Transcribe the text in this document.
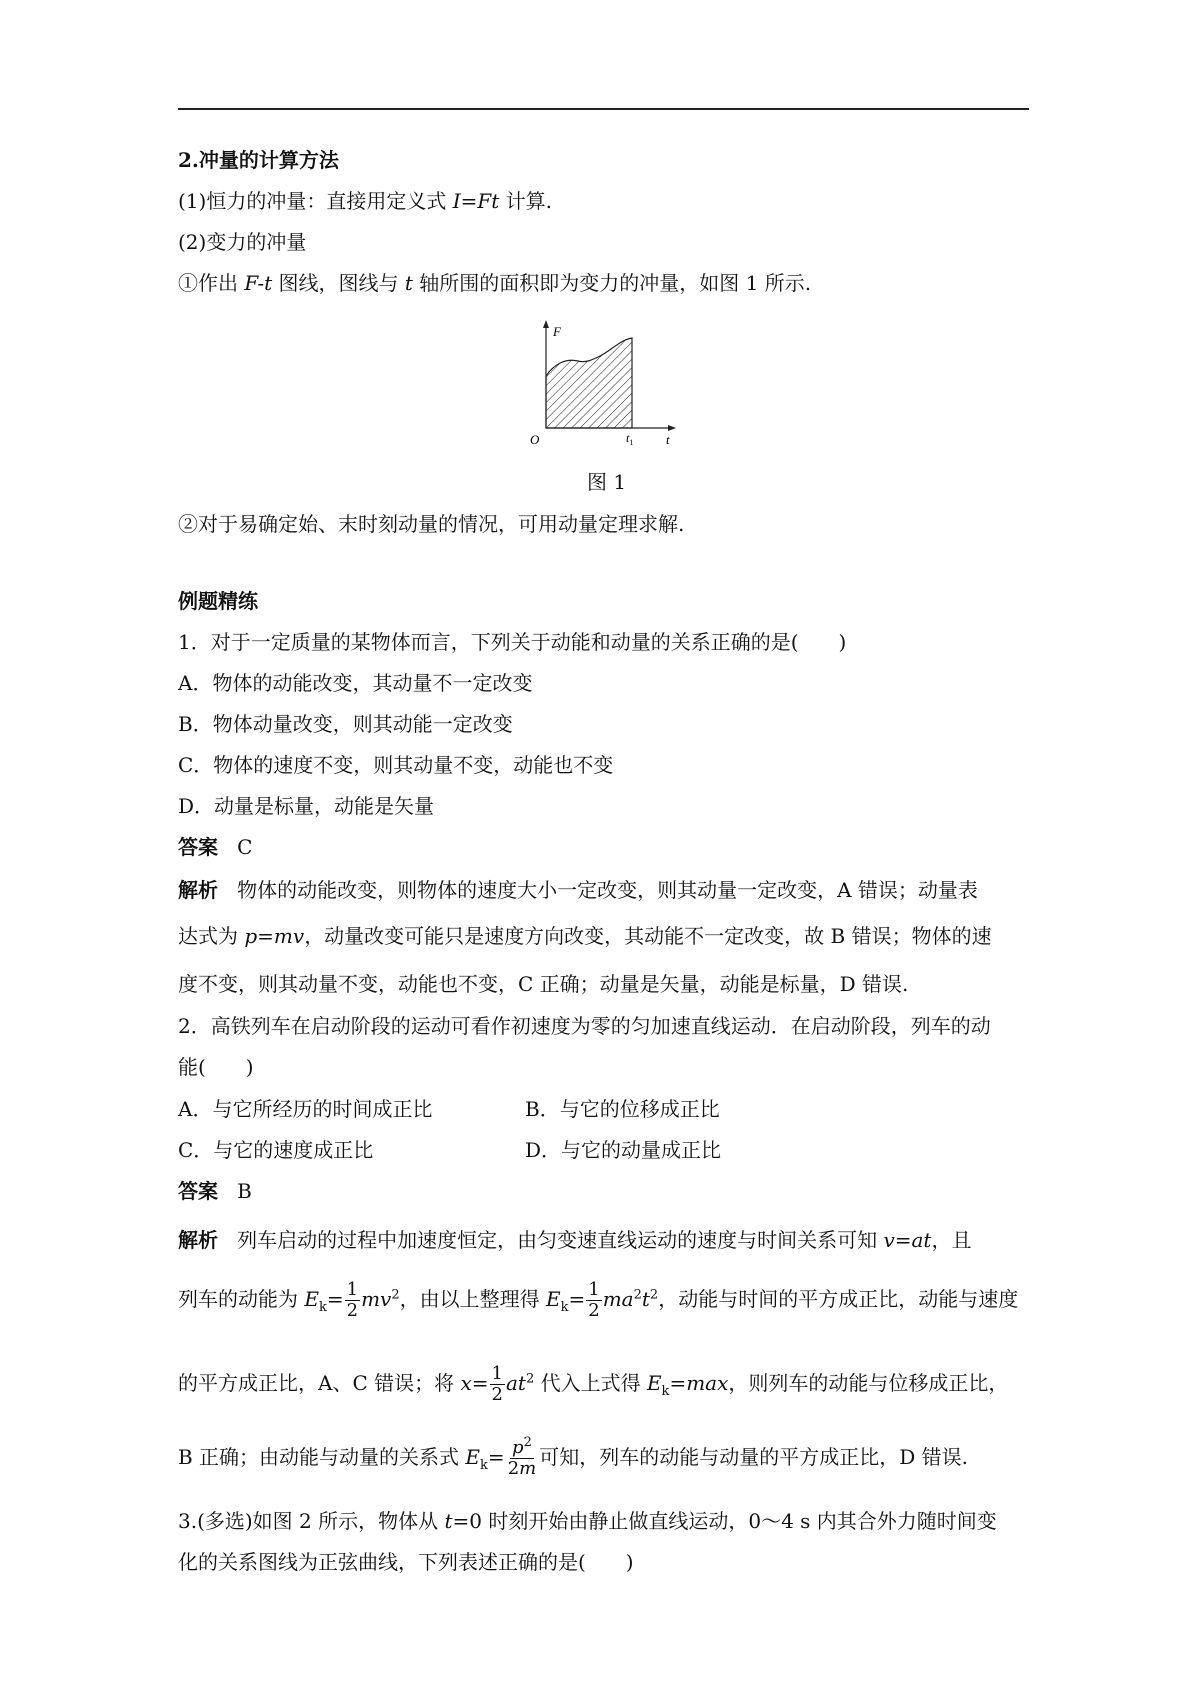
2.冲量的计算方法
(1)恒力的冲量：直接用定义式 I=Ft 计算.
(2)变力的冲量
①作出 F-t 图线，图线与 t 轴所围的面积即为变力的冲量，如图 1 所示.
F
O	$t_1$	t
图 1
②对于易确定始、末时刻动量的情况，可用动量定理求解.
例题精练
1．对于一定质量的某物体而言，下列关于动能和动量的关系正确的是(　　)
A．物体的动能改变，其动量不一定改变
B．物体动量改变，则其动能一定改变
C．物体的速度不变，则其动量不变，动能也不变
D．动量是标量，动能是矢量
答案 C
解析 物体的动能改变，则物体的速度大小一定改变，则其动量一定改变，A 错误；动量表
达式为 p=mv，动量改变可能只是速度方向改变，其动能不一定改变，故 B 错误；物体的速
度不变，则其动量不变，动能也不变，C 正确；动量是矢量，动能是标量，D 错误.
2．高铁列车在启动阶段的运动可看作初速度为零的匀加速直线运动．在启动阶段，列车的动
能(　　)
A．与它所经历的时间成正比	B．与它的位移成正比
C．与它的速度成正比	D．与它的动量成正比
答案 B
解析 列车启动的过程中加速度恒定，由匀变速直线运动的速度与时间关系可知 v=at，且
列车的动能为 $E_k= \frac{1}{2} mv^2$，由以上整理得 $E_k= \frac{1}{2} ma^2t^2$，动能与时间的平方成正比，动能与速度
的平方成正比，A、C 错误；将 $x= \frac{1}{2} at^2$ 代入上式得 $E_k=\max$，则列车的动能与位移成正比，
B 正确；由动能与动量的关系式 $E_k= \frac{p^2}{2m}$ 可知，列车的动能与动量的平方成正比，D 错误.
3.(多选)如图 2 所示，物体从 t=0 时刻开始由静止做直线运动，0～4 s 内其合外力随时间变
化的关系图线为正弦曲线，下列表述正确的是(　　)
